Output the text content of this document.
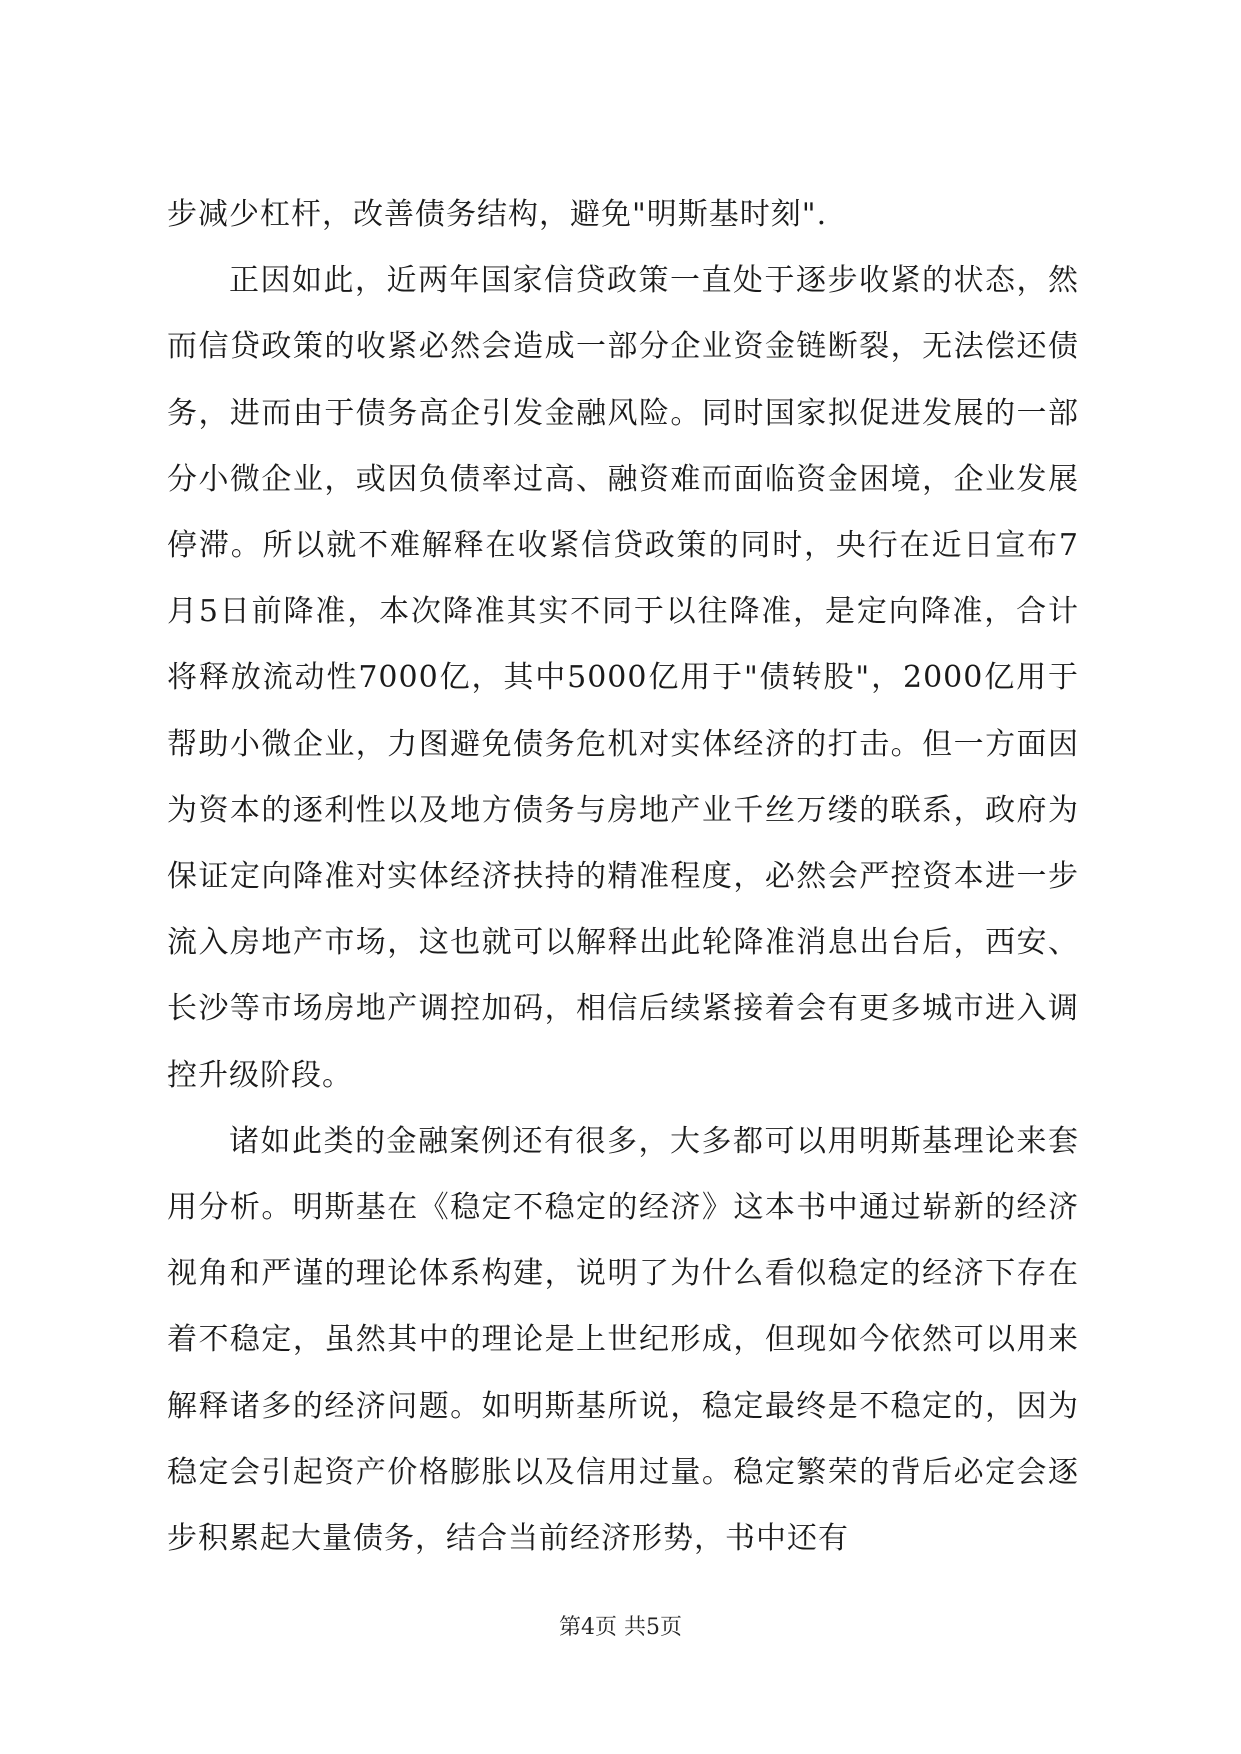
步减少杠杆，改善债务结构，避免"明斯基时刻".

正因如此，近两年国家信贷政策一直处于逐步收紧的状态，然而信贷政策的收紧必然会造成一部分企业资金链断裂，无法偿还债务，进而由于债务高企引发金融风险。同时国家拟促进发展的一部分小微企业，或因负债率过高、融资难而面临资金困境，企业发展停滞。所以就不难解释在收紧信贷政策的同时，央行在近日宣布7月5日前降准，本次降准其实不同于以往降准，是定向降准，合计将释放流动性7000亿，其中5000亿用于"债转股"，2000亿用于帮助小微企业，力图避免债务危机对实体经济的打击。但一方面因为资本的逐利性以及地方债务与房地产业千丝万缕的联系，政府为保证定向降准对实体经济扶持的精准程度，必然会严控资本进一步流入房地产市场，这也就可以解释出此轮降准消息出台后，西安、长沙等市场房地产调控加码，相信后续紧接着会有更多城市进入调控升级阶段。

诸如此类的金融案例还有很多，大多都可以用明斯基理论来套用分析。明斯基在《稳定不稳定的经济》这本书中通过崭新的经济视角和严谨的理论体系构建，说明了为什么看似稳定的经济下存在着不稳定，虽然其中的理论是上世纪形成，但现如今依然可以用来解释诸多的经济问题。如明斯基所说，稳定最终是不稳定的，因为稳定会引起资产价格膨胀以及信用过量。稳定繁荣的背后必定会逐步积累起大量债务，结合当前经济形势，书中还有

第4页 共5页
